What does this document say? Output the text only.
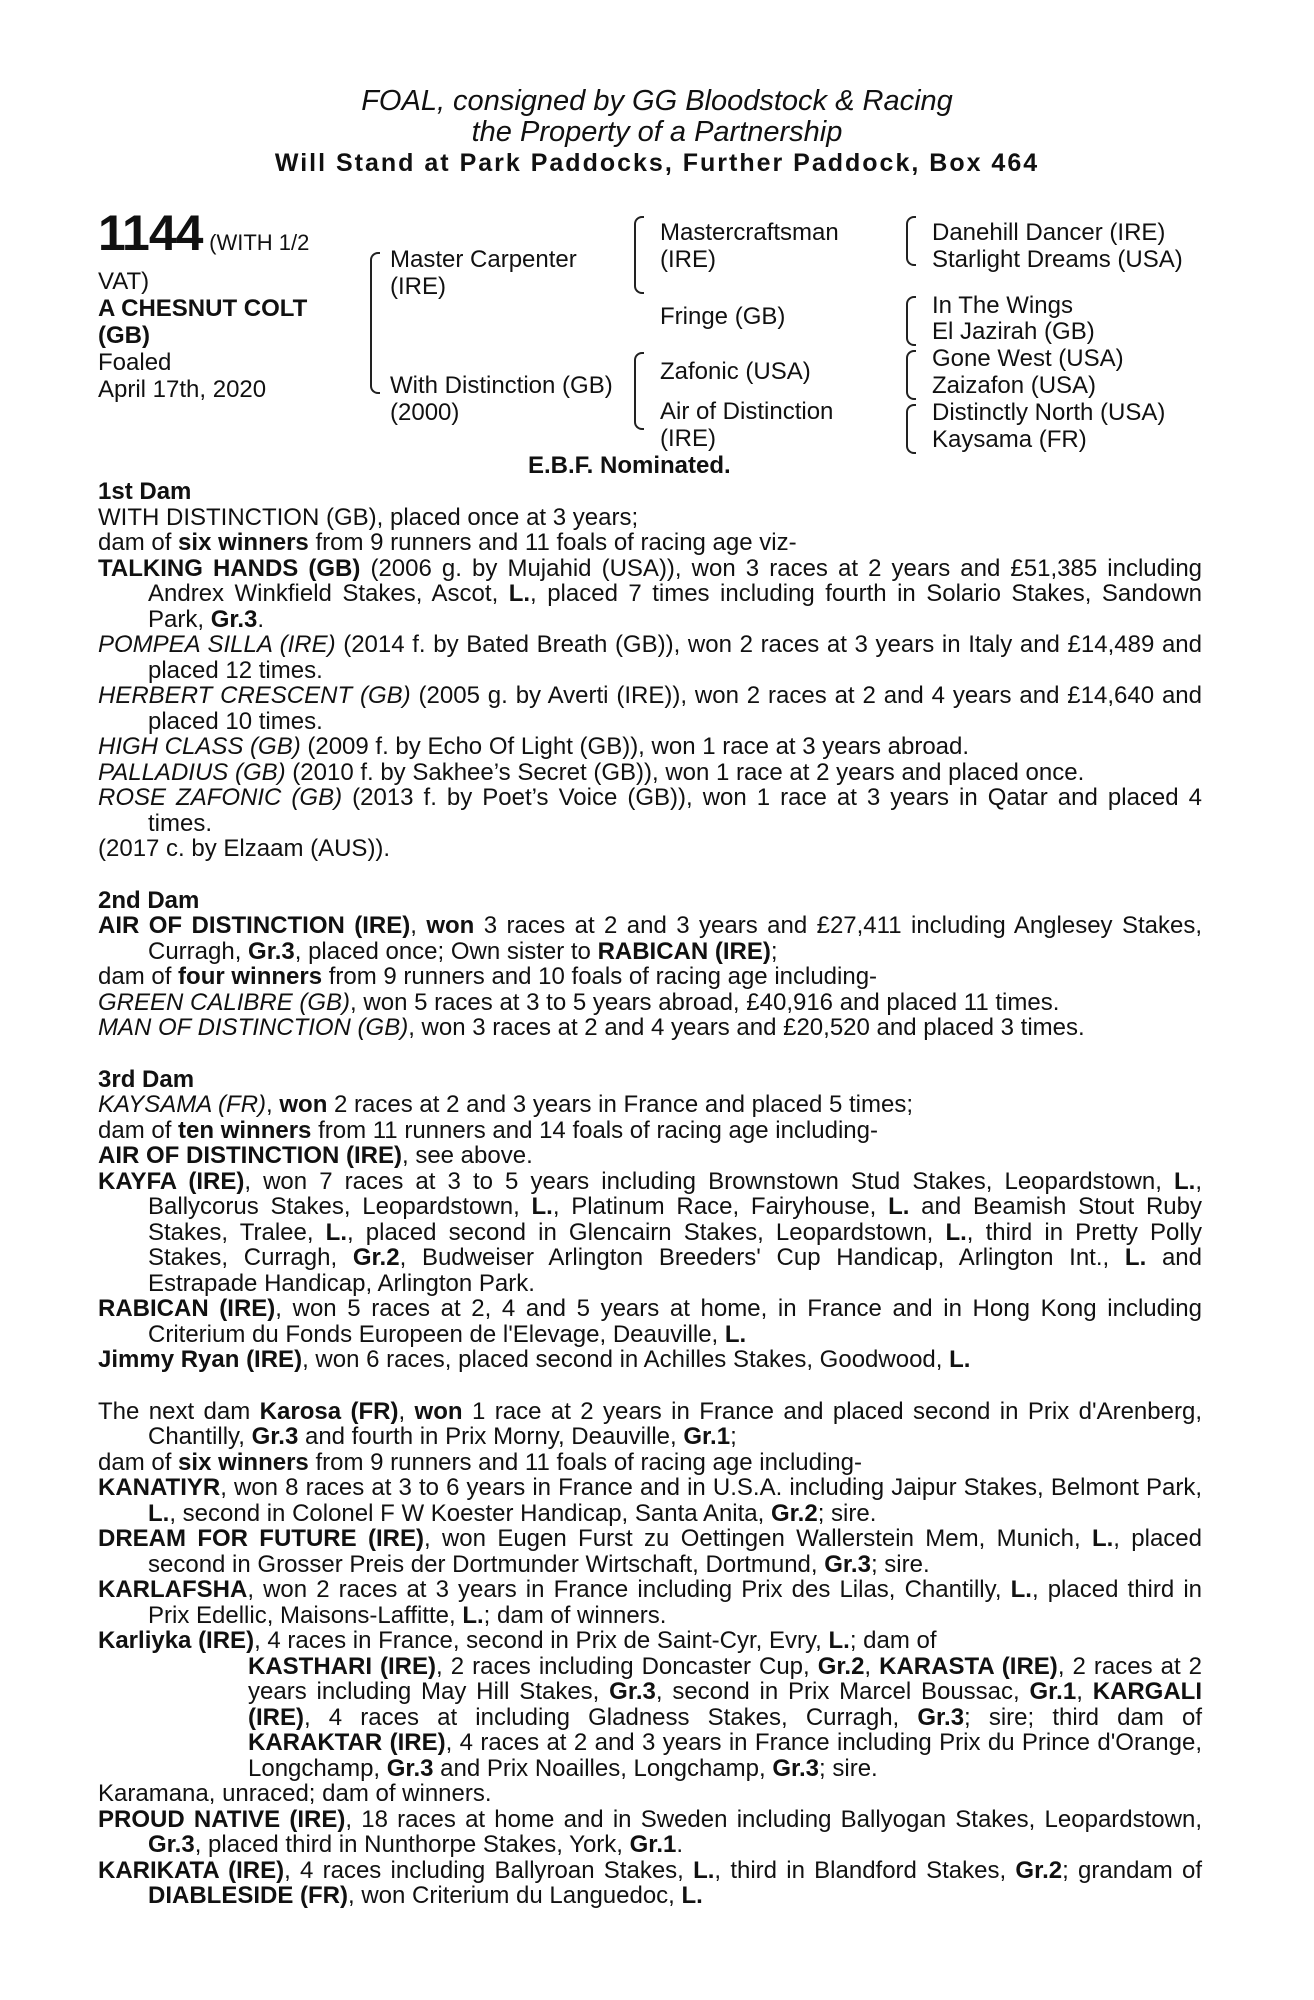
FOAL, consigned by GG Bloodstock & Racing
the Property of a Partnership
Will Stand at Park Paddocks, Further Paddock, Box 464
1144 (WITH 1/2
VAT)
A CHESNUT COLT
(GB)
Foaled
April 17th, 2020
Master Carpenter
(IRE)
With Distinction (GB)
(2000)
Mastercraftsman
(IRE)
Fringe (GB)
Zafonic (USA)
Air of Distinction
(IRE)
Danehill Dancer (IRE)
Starlight Dreams (USA)
In The Wings
El Jazirah (GB)
Gone West (USA)
Zaizafon (USA)
Distinctly North (USA)
Kaysama (FR)
E.B.F. Nominated.
1st Dam

WITH DISTINCTION (GB), placed once at 3 years;

dam of six winners from 9 runners and 11 foals of racing age viz-

TALKING HANDS (GB) (2006 g. by Mujahid (USA)), won 3 races at 2 years and £51,385 including Andrex Winkfield Stakes, Ascot, L., placed 7 times including fourth in Solario Stakes, Sandown Park, Gr.3.

POMPEA SILLA (IRE) (2014 f. by Bated Breath (GB)), won 2 races at 3 years in Italy and £14,489 and placed 12 times.

HERBERT CRESCENT (GB) (2005 g. by Averti (IRE)), won 2 races at 2 and 4 years and £14,640 and placed 10 times.

HIGH CLASS (GB) (2009 f. by Echo Of Light (GB)), won 1 race at 3 years abroad.

PALLADIUS (GB) (2010 f. by Sakhee’s Secret (GB)), won 1 race at 2 years and placed once.

ROSE ZAFONIC (GB) (2013 f. by Poet’s Voice (GB)), won 1 race at 3 years in Qatar and placed 4 times.

(2017 c. by Elzaam (AUS)).

2nd Dam

AIR OF DISTINCTION (IRE), won 3 races at 2 and 3 years and £27,411 including Anglesey Stakes, Curragh, Gr.3, placed once; Own sister to RABICAN (IRE);

dam of four winners from 9 runners and 10 foals of racing age including-

GREEN CALIBRE (GB), won 5 races at 3 to 5 years abroad, £40,916 and placed 11 times.

MAN OF DISTINCTION (GB), won 3 races at 2 and 4 years and £20,520 and placed 3 times.

3rd Dam

KAYSAMA (FR), won 2 races at 2 and 3 years in France and placed 5 times;

dam of ten winners from 11 runners and 14 foals of racing age including-

AIR OF DISTINCTION (IRE), see above.

KAYFA (IRE), won 7 races at 3 to 5 years including Brownstown Stud Stakes, Leopardstown, L., Ballycorus Stakes, Leopardstown, L., Platinum Race, Fairyhouse, L. and Beamish Stout Ruby Stakes, Tralee, L., placed second in Glencairn Stakes, Leopardstown, L., third in Pretty Polly Stakes, Curragh, Gr.2, Budweiser Arlington Breeders' Cup Handicap, Arlington Int., L. and Estrapade Handicap, Arlington Park.

RABICAN (IRE), won 5 races at 2, 4 and 5 years at home, in France and in Hong Kong including Criterium du Fonds Europeen de l'Elevage, Deauville, L.

Jimmy Ryan (IRE), won 6 races, placed second in Achilles Stakes, Goodwood, L.

The next dam Karosa (FR), won 1 race at 2 years in France and placed second in Prix d'Arenberg, Chantilly, Gr.3 and fourth in Prix Morny, Deauville, Gr.1;

dam of six winners from 9 runners and 11 foals of racing age including-

KANATIYR, won 8 races at 3 to 6 years in France and in U.S.A. including Jaipur Stakes, Belmont Park, L., second in Colonel F W Koester Handicap, Santa Anita, Gr.2; sire.

DREAM FOR FUTURE (IRE), won Eugen Furst zu Oettingen Wallerstein Mem, Munich, L., placed second in Grosser Preis der Dortmunder Wirtschaft, Dortmund, Gr.3; sire.

KARLAFSHA, won 2 races at 3 years in France including Prix des Lilas, Chantilly, L., placed third in Prix Edellic, Maisons-Laffitte, L.; dam of winners.

Karliyka (IRE), 4 races in France, second in Prix de Saint-Cyr, Evry, L.; dam of

KASTHARI (IRE), 2 races including Doncaster Cup, Gr.2, KARASTA (IRE), 2 races at 2 years including May Hill Stakes, Gr.3, second in Prix Marcel Boussac, Gr.1, KARGALI (IRE), 4 races at including Gladness Stakes, Curragh, Gr.3; sire; third dam of KARAKTAR (IRE), 4 races at 2 and 3 years in France including Prix du Prince d'Orange, Longchamp, Gr.3 and Prix Noailles, Longchamp, Gr.3; sire.

Karamana, unraced; dam of winners.

PROUD NATIVE (IRE), 18 races at home and in Sweden including Ballyogan Stakes, Leopardstown, Gr.3, placed third in Nunthorpe Stakes, York, Gr.1.

KARIKATA (IRE), 4 races including Ballyroan Stakes, L., third in Blandford Stakes, Gr.2; grandam of DIABLESIDE (FR), won Criterium du Languedoc, L.
